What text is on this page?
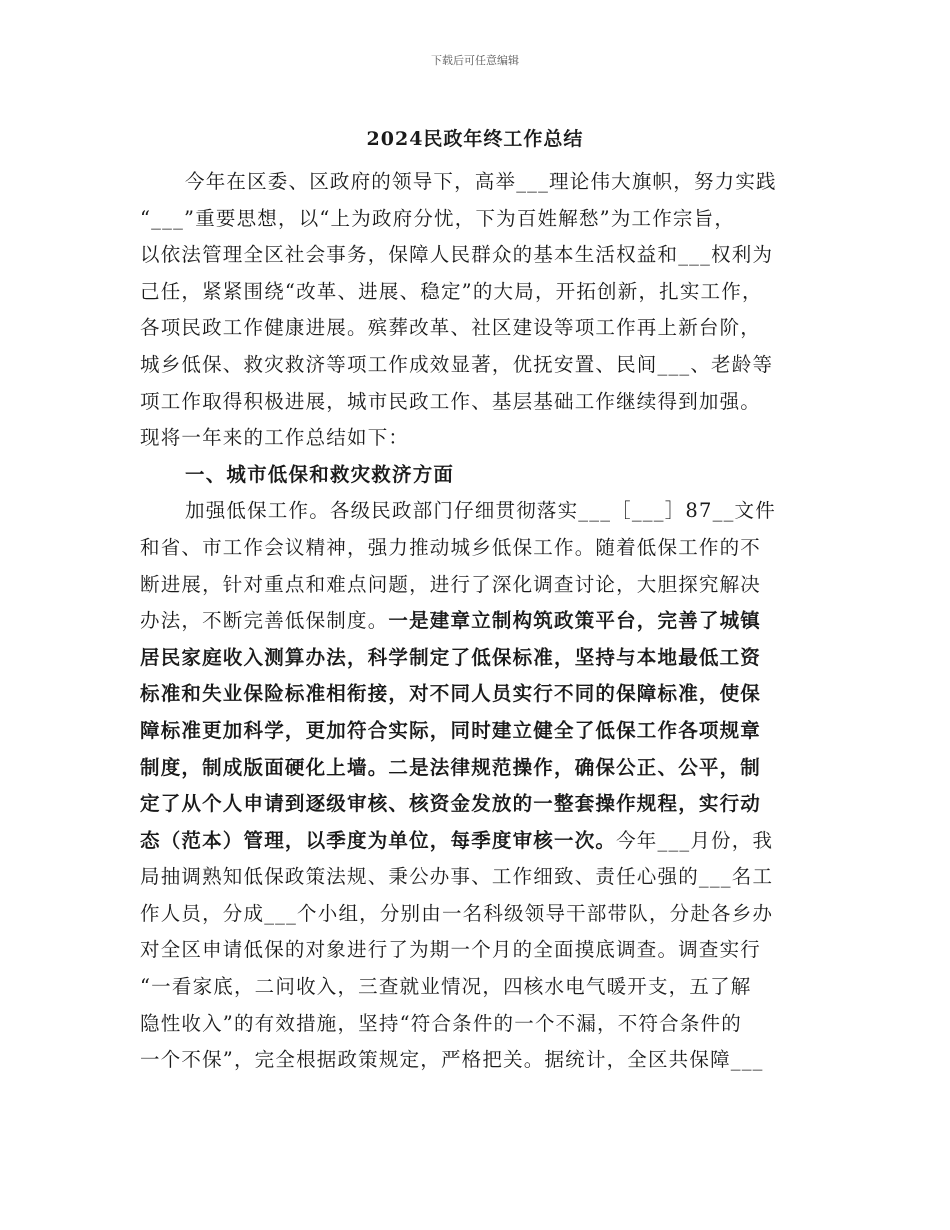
下载后可任意编辑
2024民政年终工作总结
今年在区委、区政府的领导下，高举___理论伟大旗帜，努力实践
“___”重要思想，以“上为政府分忧，下为百姓解愁”为工作宗旨，
以依法管理全区社会事务，保障人民群众的基本生活权益和___权利为
己任，紧紧围绕“改革、进展、稳定”的大局，开拓创新，扎实工作，
各项民政工作健康进展。殡葬改革、社区建设等项工作再上新台阶，
城乡低保、救灾救济等项工作成效显著，优抚安置、民间___、老龄等
项工作取得积极进展，城市民政工作、基层基础工作继续得到加强。
现将一年来的工作总结如下：
一、城市低保和救灾救济方面
加强低保工作。各级民政部门仔细贯彻落实___［___］87__文件
和省、市工作会议精神，强力推动城乡低保工作。随着低保工作的不
断进展，针对重点和难点问题，进行了深化调查讨论，大胆探究解决
办法，不断完善低保制度。一是建章立制构筑政策平台，完善了城镇
居民家庭收入测算办法，科学制定了低保标准，坚持与本地最低工资
标准和失业保险标准相衔接，对不同人员实行不同的保障标准，使保
障标准更加科学，更加符合实际，同时建立健全了低保工作各项规章
制度，制成版面硬化上墙。二是法律规范操作，确保公正、公平，制
定了从个人申请到逐级审核、核资金发放的一整套操作规程，实行动
态（范本）管理，以季度为单位，每季度审核一次。今年___月份，我
局抽调熟知低保政策法规、秉公办事、工作细致、责任心强的___名工
作人员，分成___个小组，分别由一名科级领导干部带队，分赴各乡办
对全区申请低保的对象进行了为期一个月的全面摸底调查。调查实行
“一看家底，二问收入，三查就业情况，四核水电气暖开支，五了解
隐性收入”的有效措施，坚持“符合条件的一个不漏，不符合条件的
一个不保”，完全根据政策规定，严格把关。据统计，全区共保障___
